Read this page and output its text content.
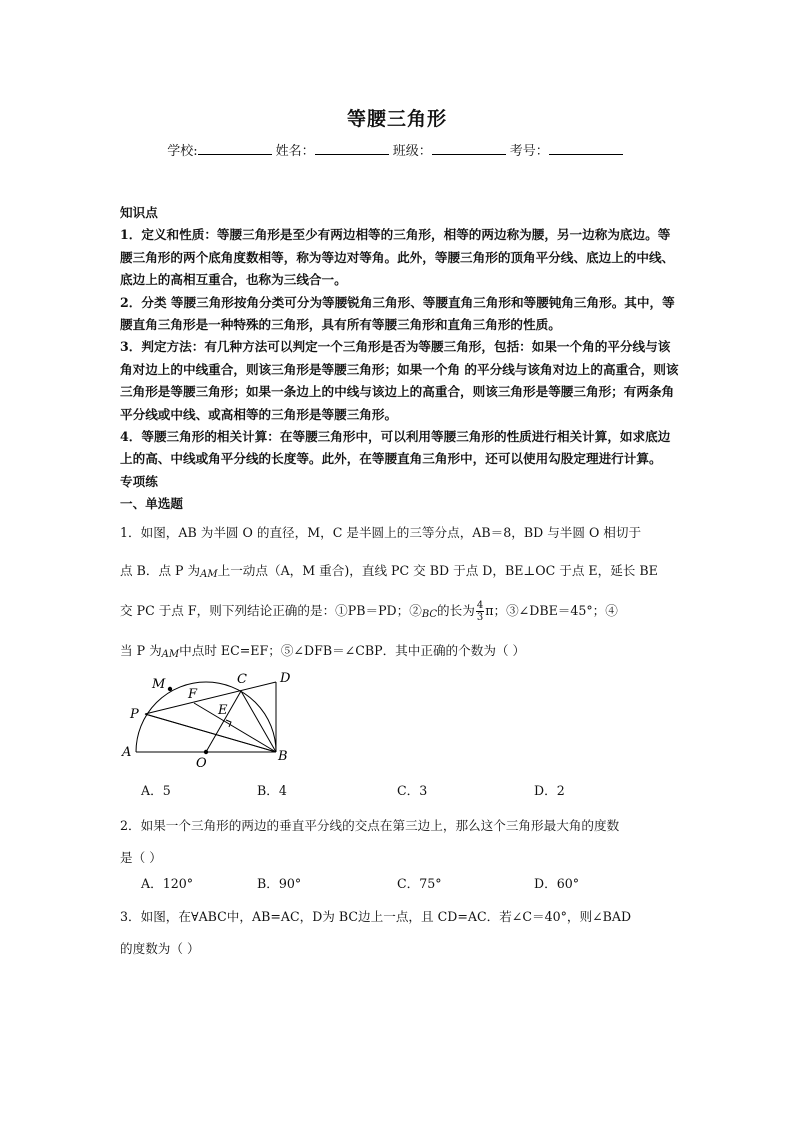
等腰三角形
学校:	姓名：	班级：	考号：

知识点

1．定义和性质：等腰三角形是至少有两边相等的三角形，相等的两边称为腰，另一边称为底边。等腰三角形的两个底角度数相等，称为等边对等角。此外，等腰三角形的顶角平分线、底边上的中线、底边上的高相互重合，也称为三线合一。

2．分类 等腰三角形按角分类可分为等腰锐角三角形、等腰直角三角形和等腰钝角三角形。其中，等腰直角三角形是一种特殊的三角形，具有所有等腰三角形和直角三角形的性质。

3．判定方法：有几种方法可以判定一个三角形是否为等腰三角形，包括：如果一个角的平分线与该角对边上的中线重合，则该三角形是等腰三角形；如果一个角 的平分线与该角对边上的高重合，则该三角形是等腰三角形；如果一条边上的中线与该边上的高重合，则该三角形是等腰三角形；有两条角平分线或中线、或高相等的三角形是等腰三角形。

4．等腰三角形的相关计算：在等腰三角形中，可以利用等腰三角形的性质进行相关计算，如求底边上的高、中线或角平分线的长度等。此外，在等腰直角三角形中，还可以使用勾股定理进行计算。

专项练

一、单选题

1．如图，AB 为半圆 O 的直径，M，C 是半圆上的三等分点，AB＝8，BD 与半圆 O 相切于

点 B．点 P 为AM上一动点（A，M 重合)，直线 PC 交 BD 于点 D，BE⊥OC 于点 E，延长 BE

交 PC 于点 F，则下列结论正确的是：①PB＝PD；②BC的长为 $\frac{4}{3}$ π；③∠DBE＝45°；④

当 P 为AM中点时 EC=EF；⑤∠DFB＝∠CBP．其中正确的个数为（ ）

M	C	D
F
P	E
A
O	B
A．5	B．4	C．3	D．2

2．如果一个三角形的两边的垂直平分线的交点在第三边上，那么这个三角形最大角的度数

是（ ）

A．120°	B．90°	C．75°	D．60°

3．如图，在∀ABC中，AB=AC，D为 BC边上一点，且 CD=AC．若∠C＝40°，则∠BAD

的度数为（ ）
